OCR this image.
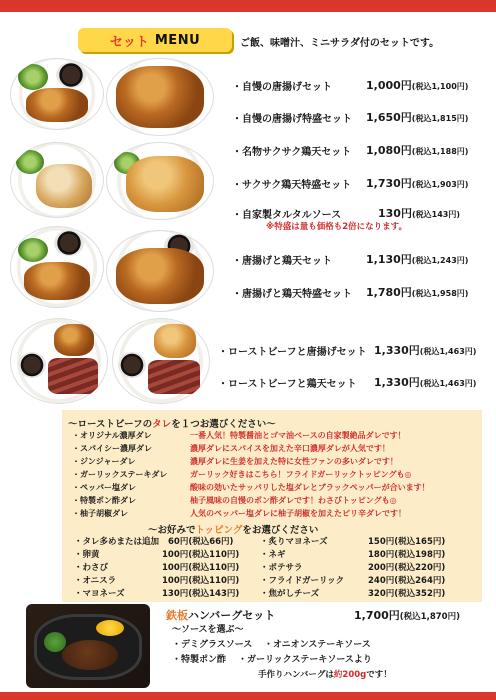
セット MENU	ご飯、味噌汁、ミニサラダ付のセットです。
・自慢の唐揚げセット	1,000円(税込1,100円)
・自慢の唐揚げ特盛セット 1,650円(税込1,815円)
・名物サクサク鶏天セット 1,080円(税込1,188円)
・サクサク鶏天特盛セット 1,730円(税込1,903円)
・自家製タルタルソース	130円(税込143円)
※特盛は量も価格も2倍になります。
・唐揚げと鶏天セット	1,130円(税込1,243円)
・唐揚げと鶏天特盛セット 1,780円(税込1,958円)
・ローストビーフと唐揚げセット 1,330円(税込1,463円)
・ローストビーフと鶏天セット 1,330円(税込1,463円)
～ローストビーフのタレを１つお選びください～
・オリジナル濃厚ダレ	一番人気！特製醤油とゴマ油ベースの自家製絶品ダレです！
・スパイシー濃厚ダレ	濃厚ダレにスパイスを加えた辛口濃厚ダレが人気です！
・ジンジャーダレ	濃厚ダレに生姜を加えた特に女性ファンの多いダレです！
・ガーリックステーキダレ	ガーリック好きはこちら！フライドガーリックトッピングも◎
・ペッパー塩ダレ	酸味の効いたサッパリした塩ダレとブラックペッパーが合います！
・特製ポン酢ダレ	柚子風味の自慢のポン酢ダレです！わさびトッピングも◎
・柚子胡椒ダレ	人気のペッパー塩ダレに柚子胡椒を加えたピリ辛ダレです！
～お好みでトッピングをお選びください
・タレ多めまたは追加 60円(税込66円)
・卵黄	100円(税込110円)
・わさび	100円(税込110円)
・オニスラ	100円(税込110円)
・マヨネーズ	130円(税込143円)
・炙りマヨネーズ	150円(税込165円)
・ネギ	180円(税込198円)
・ポテサラ	200円(税込220円)
・フライドガーリック	240円(税込264円)
・焦がしチーズ	320円(税込352円)
鉄板ハンバーグセット	1,700円(税込1,870円)
～ソースを選ぶ～
・デミグラスソース ・オニオンステーキソース
・特製ポン酢 ・ガーリックステーキソースより
手作りハンバーグは約200gです！
